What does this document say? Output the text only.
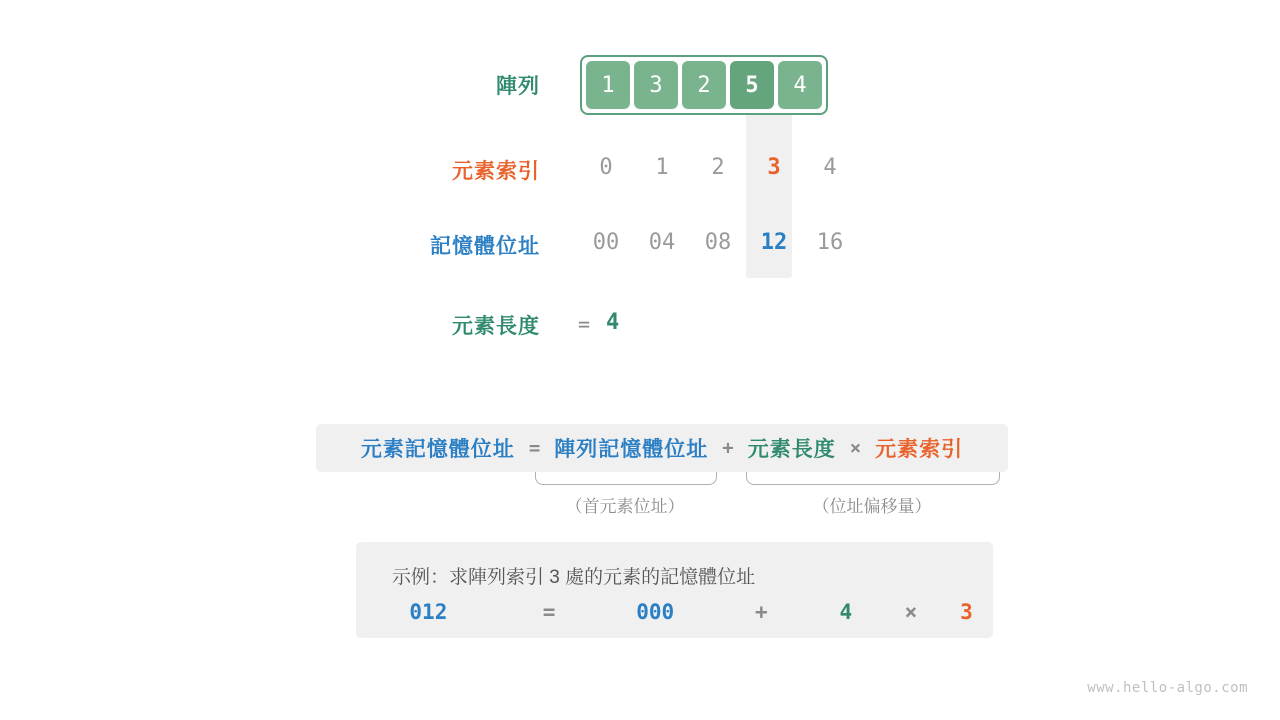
陣列	1	3	2	5	4
元素索引	0	1	2	3	4
記憶體位址	00	04	08	12	16
元素長度 = 4
元素記憶體位址 = 陣列記憶體位址 + 元素長度 × 元素索引
（首元素位址）	（位址偏移量）
示例：求陣列索引 3 處的元素的記憶體位址
012	=	000	+	4	×	3
www.hello-algo.com
